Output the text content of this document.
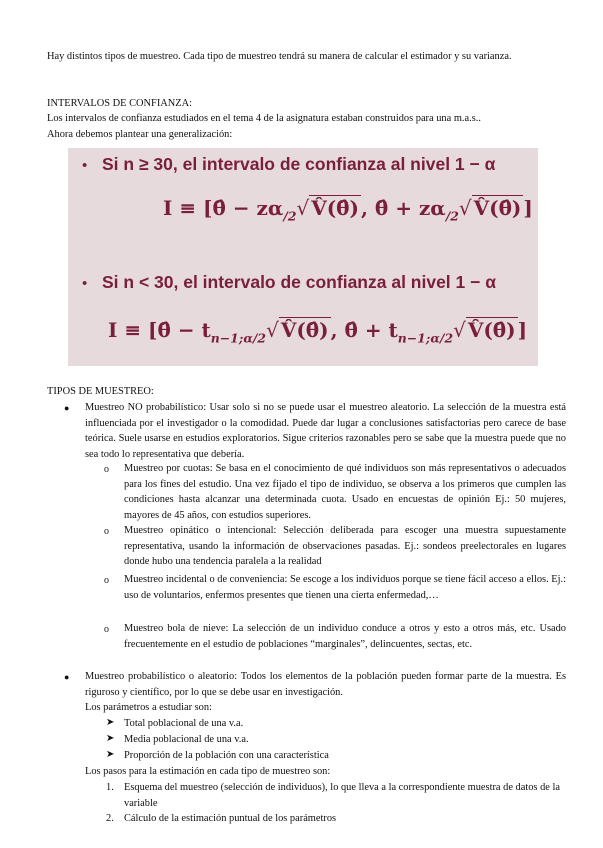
Hay distintos tipos de muestreo. Cada tipo de muestreo tendrá su manera de calcular el estimador y su varianza.

INTERVALOS DE CONFIANZA:
Los intervalos de confianza estudiados en el tema 4 de la asignatura estaban construidos para una m.a.s..
Ahora debemos plantear una generalización:
• Si n ≥ 30, el intervalo de confianza al nivel 1 − α
I ≡ [θ̂ − $z\alpha_{/2}√$ V̂(θ̂) , θ̂ + $z\alpha_{/2}√$ V̂(θ̂) ]
• Si n < 30, el intervalo de confianza al nivel 1 − α
I ≡ [θ̂ − $t_{n-1;\alpha/2}√$ V̂(θ̂) , θ̂ + $t_{n-1;\alpha/2}√$ V̂(θ̂) ]
TIPOS DE MUESTREO:
● Muestreo NO probabilístico: Usar solo si no se puede usar el muestreo aleatorio. La selección de la muestra está influenciada por el investigador o la comodidad. Puede dar lugar a conclusiones satisfactorias pero carece de base teórica. Suele usarse en estudios exploratorios. Sigue criterios razonables pero se sabe que la muestra puede que no sea todo lo representativa que debería.

o Muestreo por cuotas: Se basa en el conocimiento de qué individuos son más representativos o adecuados para los fines del estudio. Una vez fijado el tipo de individuo, se observa a los primeros que cumplen las condiciones hasta alcanzar una determinada cuota. Usado en encuestas de opinión Ej.: 50 mujeres, mayores de 45 años, con estudios superiores.

o Muestreo opinático o intencional: Selección deliberada para escoger una muestra supuestamente representativa, usando la información de observaciones pasadas. Ej.: sondeos preelectorales en lugares donde hubo una tendencia paralela a la realidad

o Muestreo incidental o de conveniencia: Se escoge a los individuos porque se tiene fácil acceso a ellos. Ej.: uso de voluntarios, enfermos presentes que tienen una cierta enfermedad,…

o Muestreo bola de nieve: La selección de un individuo conduce a otros y esto a otros más, etc. Usado frecuentemente en el estudio de poblaciones “marginales”, delincuentes, sectas, etc.

● Muestreo probabilístico o aleatorio: Todos los elementos de la población pueden formar parte de la muestra. Es riguroso y científico, por lo que se debe usar en investigación.

Los parámetros a estudiar son:
➤ Total poblacional de una v.a.
➤ Media poblacional de una v.a.
➤ Proporción de la población con una característica
Los pasos para la estimación en cada tipo de muestreo son:
1. Esquema del muestreo (selección de individuos), lo que lleva a la correspondiente muestra de datos de la variable

2. Cálculo de la estimación puntual de los parámetros
